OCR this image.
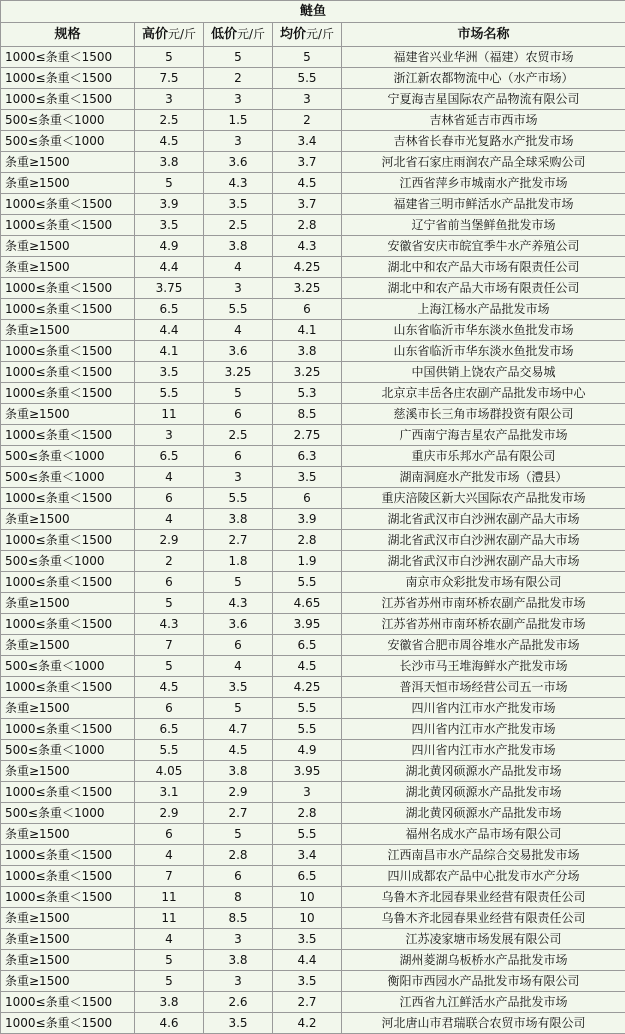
鲢鱼				
规格	高价元/斤	低价元/斤	均价元/斤	市场名称
1000≤条重＜1500	5	5	5	福建省兴业华洲（福建）农贸市场
1000≤条重＜1500	7.5	2	5.5	浙江新农都物流中心（水产市场）
1000≤条重＜1500	3	3	3	宁夏海吉星国际农产品物流有限公司
500≤条重＜1000	2.5	1.5	2	吉林省延吉市西市场
500≤条重＜1000	4.5	3	3.4	吉林省长春市光复路水产批发市场
条重≥1500	3.8	3.6	3.7	河北省石家庄雨润农产品全球采购公司
条重≥1500	5	4.3	4.5	江西省萍乡市城南水产批发市场
1000≤条重＜1500	3.9	3.5	3.7	福建省三明市鲜活水产品批发市场
1000≤条重＜1500	3.5	2.5	2.8	辽宁省前当堡鲜鱼批发市场
条重≥1500	4.9	3.8	4.3	安徽省安庆市皖宜季牛水产养殖公司
条重≥1500	4.4	4	4.25	湖北中和农产品大市场有限责任公司
1000≤条重＜1500	3.75	3	3.25	湖北中和农产品大市场有限责任公司
1000≤条重＜1500	6.5	5.5	6	上海江杨水产品批发市场
条重≥1500	4.4	4	4.1	山东省临沂市华东淡水鱼批发市场
1000≤条重＜1500	4.1	3.6	3.8	山东省临沂市华东淡水鱼批发市场
1000≤条重＜1500	3.5	3.25	3.25	中国供销上饶农产品交易城
1000≤条重＜1500	5.5	5	5.3	北京京丰岳各庄农副产品批发市场中心
条重≥1500	11	6	8.5	慈溪市长三角市场群投资有限公司
1000≤条重＜1500	3	2.5	2.75	广西南宁海吉星农产品批发市场
500≤条重＜1000	6.5	6	6.3	重庆市乐邦水产品有限公司
500≤条重＜1000	4	3	3.5	湖南洞庭水产批发市场（澧县）
1000≤条重＜1500	6	5.5	6	重庆涪陵区新大兴国际农产品批发市场
条重≥1500	4	3.8	3.9	湖北省武汉市白沙洲农副产品大市场
1000≤条重＜1500	2.9	2.7	2.8	湖北省武汉市白沙洲农副产品大市场
500≤条重＜1000	2	1.8	1.9	湖北省武汉市白沙洲农副产品大市场
1000≤条重＜1500	6	5	5.5	南京市众彩批发市场有限公司
条重≥1500	5	4.3	4.65	江苏省苏州市南环桥农副产品批发市场
1000≤条重＜1500	4.3	3.6	3.95	江苏省苏州市南环桥农副产品批发市场
条重≥1500	7	6	6.5	安徽省合肥市周谷堆水产品批发市场
500≤条重＜1000	5	4	4.5	长沙市马王堆海鲜水产批发市场
1000≤条重＜1500	4.5	3.5	4.25	普洱天恒市场经营公司五一市场
条重≥1500	6	5	5.5	四川省内江市水产批发市场
1000≤条重＜1500	6.5	4.7	5.5	四川省内江市水产批发市场
500≤条重＜1000	5.5	4.5	4.9	四川省内江市水产批发市场
条重≥1500	4.05	3.8	3.95	湖北黄冈硕源水产品批发市场
1000≤条重＜1500	3.1	2.9	3	湖北黄冈硕源水产品批发市场
500≤条重＜1000	2.9	2.7	2.8	湖北黄冈硕源水产品批发市场
条重≥1500	6	5	5.5	福州名成水产品市场有限公司
1000≤条重＜1500	4	2.8	3.4	江西南昌市水产品综合交易批发市场
1000≤条重＜1500	7	6	6.5	四川成都农产品中心批发市水产分场
1000≤条重＜1500	11	8	10	乌鲁木齐北园春果业经营有限责任公司
条重≥1500	11	8.5	10	乌鲁木齐北园春果业经营有限责任公司
条重≥1500	4	3	3.5	江苏凌家塘市场发展有限公司
条重≥1500	5	3.8	4.4	湖州菱湖乌板桥水产品批发市场
条重≥1500	5	3	3.5	衡阳市西园水产品批发市场有限公司
1000≤条重＜1500	3.8	2.6	2.7	江西省九江鲜活水产品批发市场
1000≤条重＜1500	4.6	3.5	4.2	河北唐山市君瑞联合农贸市场有限公司
